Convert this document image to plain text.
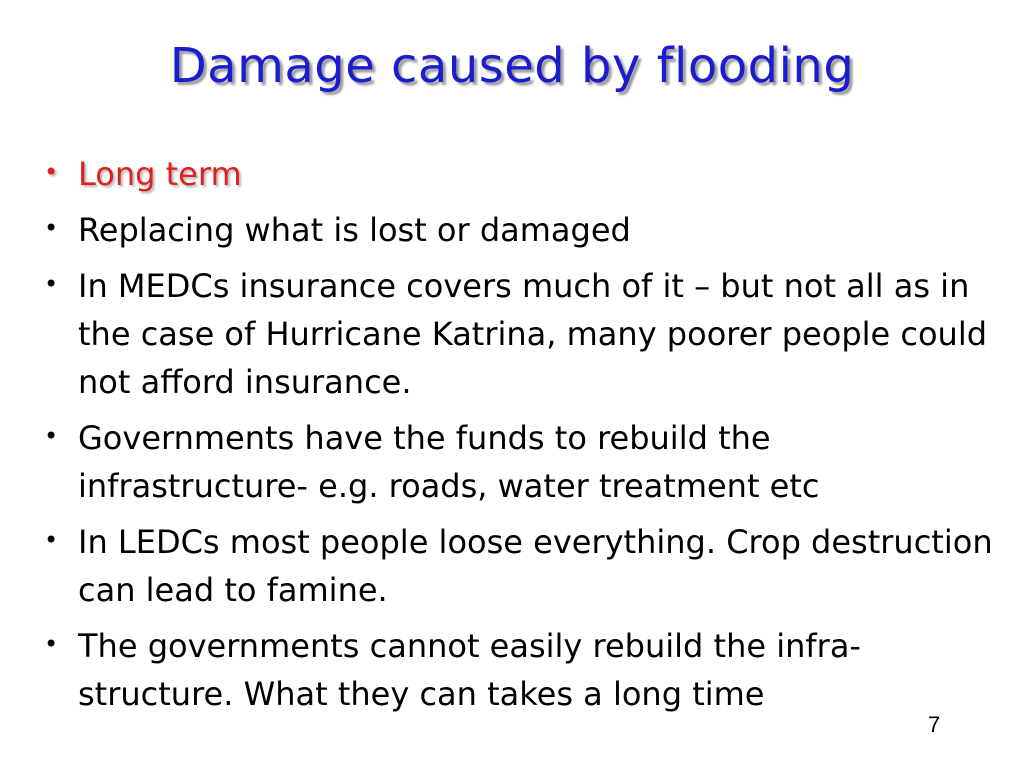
Damage caused by flooding
• Long term
• Replacing what is lost or damaged
• In MEDCs insurance covers much of it – but not all as in the case of Hurricane Katrina, many poorer people could not afford insurance.
• Governments have the funds to rebuild the infrastructure- e.g. roads, water treatment etc
• In LEDCs most people loose everything. Crop destruction can lead to famine.
• The governments cannot easily rebuild the infra-structure. What they can takes a long time
7
